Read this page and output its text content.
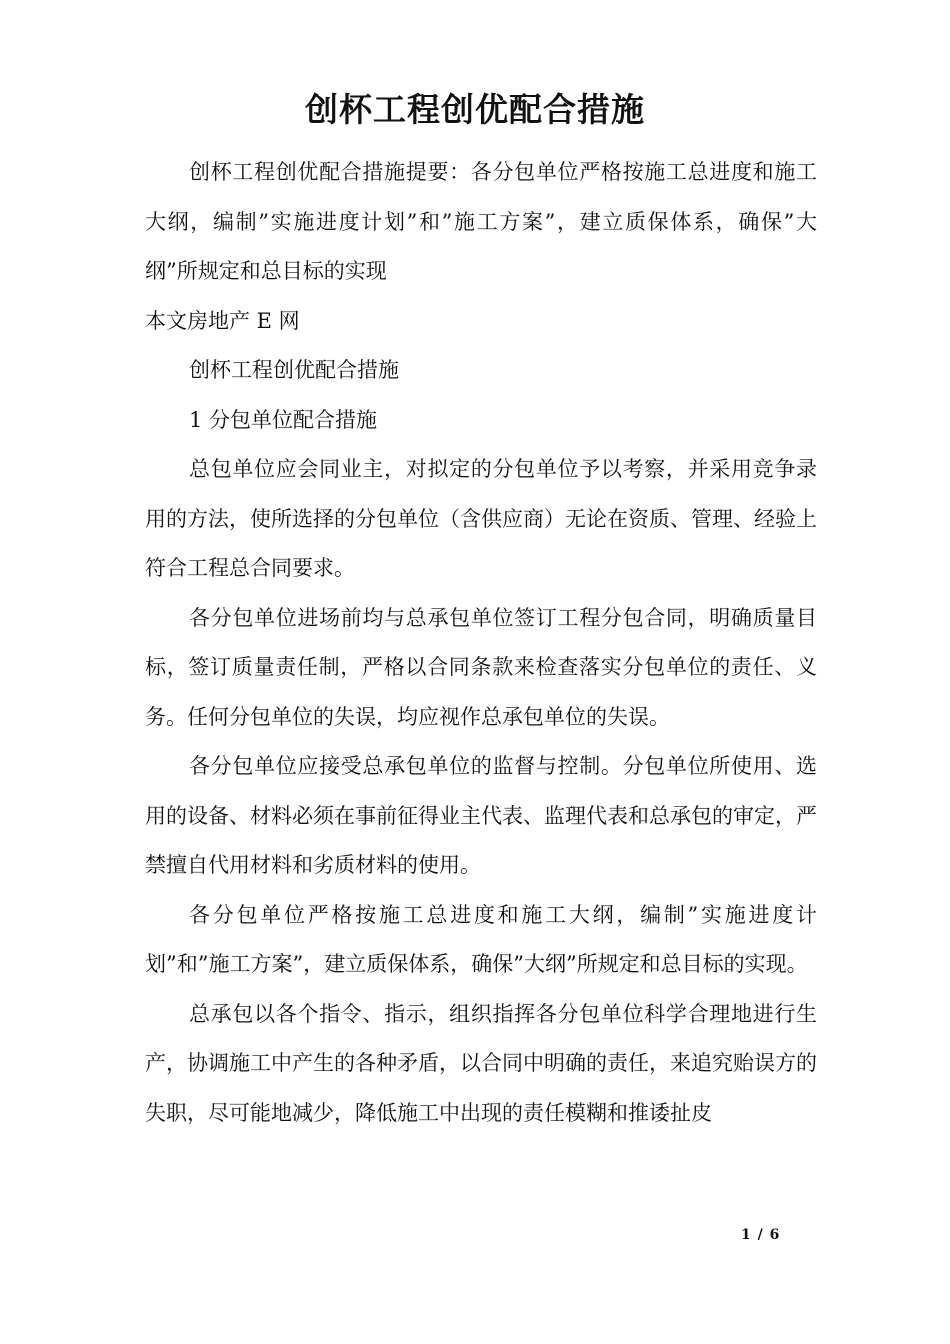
创杯工程创优配合措施

创杯工程创优配合措施提要：各分包单位严格按施工总进度和施工大纲，编制”实施进度计划”和”施工方案”，建立质保体系，确保”大纲”所规定和总目标的实现

本文房地产 E 网

创杯工程创优配合措施

1 分包单位配合措施

总包单位应会同业主，对拟定的分包单位予以考察，并采用竞争录用的方法，使所选择的分包单位（含供应商）无论在资质、管理、经验上符合工程总合同要求。

各分包单位进场前均与总承包单位签订工程分包合同，明确质量目标，签订质量责任制，严格以合同条款来检查落实分包单位的责任、义务。任何分包单位的失误，均应视作总承包单位的失误。

各分包单位应接受总承包单位的监督与控制。分包单位所使用、选用的设备、材料必须在事前征得业主代表、监理代表和总承包的审定，严禁擅自代用材料和劣质材料的使用。

各分包单位严格按施工总进度和施工大纲，编制”实施进度计划”和”施工方案”，建立质保体系，确保”大纲”所规定和总目标的实现。

总承包以各个指令、指示，组织指挥各分包单位科学合理地进行生产，协调施工中产生的各种矛盾，以合同中明确的责任，来追究贻误方的失职，尽可能地减少，降低施工中出现的责任模糊和推诿扯皮

1 / 6
